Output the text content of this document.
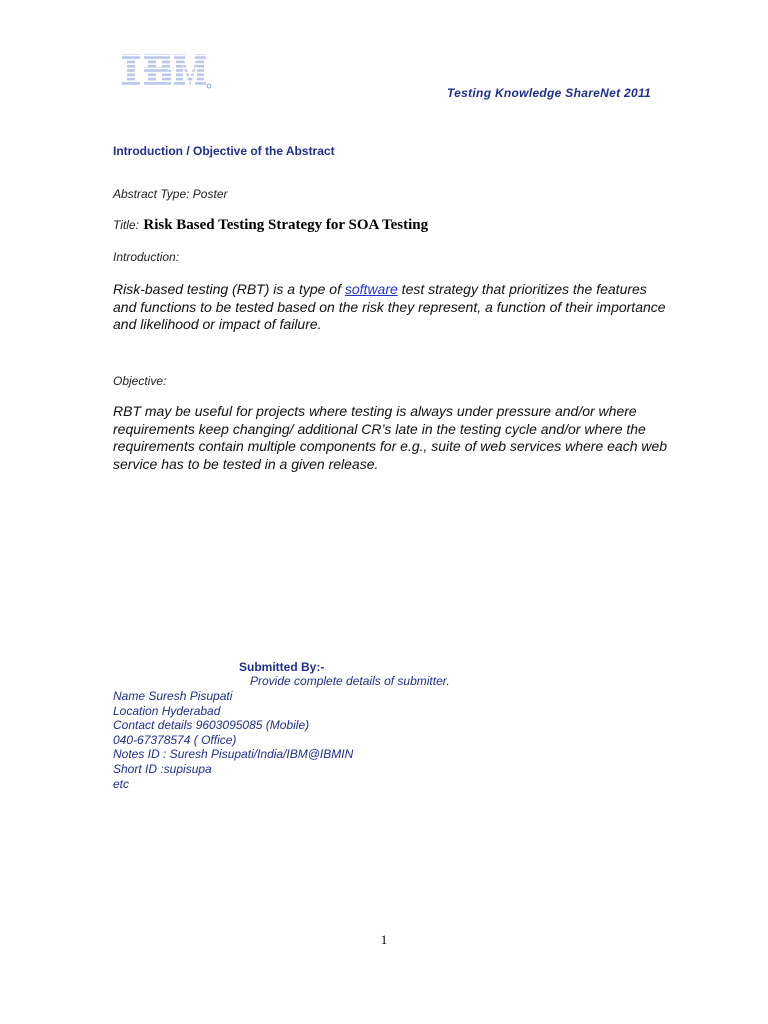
Testing Knowledge ShareNet 2011
Introduction / Objective of the Abstract
Abstract Type: Poster
Title: Risk Based Testing Strategy for SOA Testing
Introduction:
Risk-based testing (RBT) is a type of software test strategy that prioritizes the features and functions to be tested based on the risk they represent, a function of their importance and likelihood or impact of failure.
Objective:
RBT may be useful for projects where testing is always under pressure and/or where requirements keep changing/ additional CR’s late in the testing cycle and/or where the requirements contain multiple components for e.g., suite of web services where each web service has to be tested in a given release.
Submitted By:-
Provide complete details of submitter.
Name Suresh Pisupati
Location Hyderabad
Contact details 9603095085 (Mobile)
040-67378574 ( Office)
Notes ID : Suresh Pisupati/India/IBM@IBMIN
Short ID :supisupa
etc
1
